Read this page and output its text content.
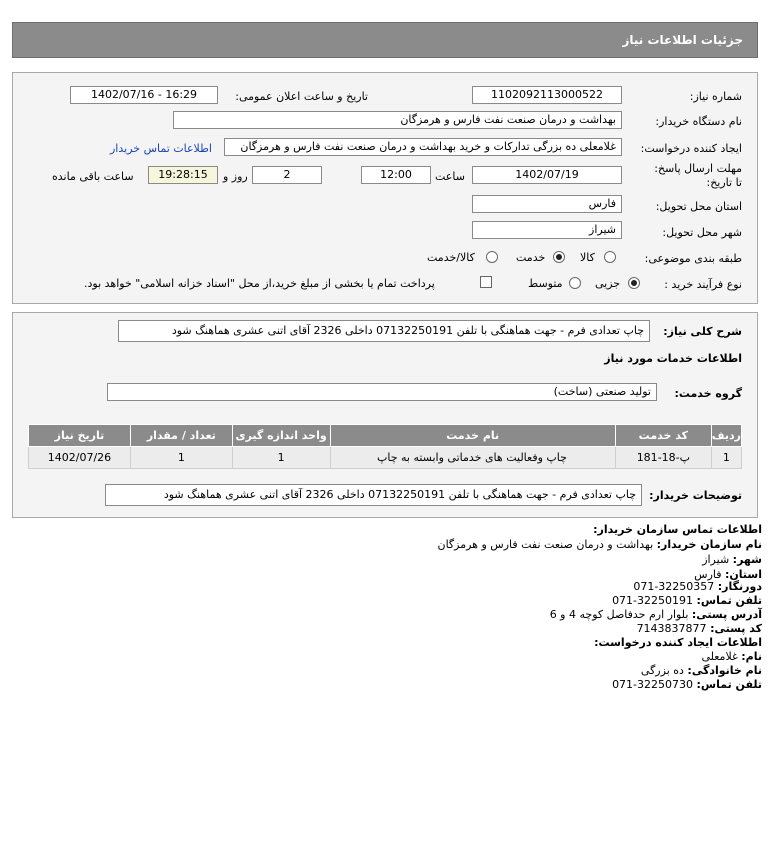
جزئیات اطلاعات نیاز
شماره نیاز:
1102092113000522
تاریخ و ساعت اعلان عمومی:
1402/07/16 - 16:29
نام دستگاه خریدار:
بهداشت و درمان صنعت نفت فارس و هرمزگان
ایجاد کننده درخواست:
غلامعلی ده بزرگی تدارکات و خرید بهداشت و درمان صنعت نفت فارس و هرمزگان
اطلاعات تماس خریدار
مهلت ارسال پاسخ: تا تاریخ:
1402/07/19
ساعت
12:00
2
روز و
19:28:15
ساعت باقی مانده
استان محل تحویل:
فارس
شهر محل تحویل:
شیراز
طبقه بندی موضوعی:
کالا
خدمت
کالا/خدمت
نوع فرآیند خرید :
جزیی
متوسط
پرداخت تمام یا بخشی از مبلغ خرید،از محل "اسناد خزانه اسلامی" خواهد بود.
شرح کلی نیاز:
چاپ تعدادی فرم - جهت هماهنگی با تلفن 07132250191 داخلی 2326 آقای اتنی عشری هماهنگ شود
اطلاعات خدمات مورد نیاز
گروه خدمت:
تولید صنعتی (ساخت)
ردیف	کد خدمت	نام خدمت	واحد اندازه گیری	تعداد / مقدار	تاریخ نیاز
1	پ-18-181	چاپ وفعالیت های خدماتی وابسته به چاپ	1	1	1402/07/26
توضیحات خریدار:
چاپ تعدادی فرم - جهت هماهنگی با تلفن 07132250191 داخلی 2326 آقای اتنی عشری هماهنگ شود
اطلاعات تماس سازمان خریدار:
نام سازمان خریدار: بهداشت و درمان صنعت نفت فارس و هرمزگان
شهر: شیراز
استان: فارس
دورنگار: 071-32250357
تلفن تماس: 071-32250191
آدرس پستی: بلوار ارم حدفاصل کوچه 4 و 6
کد پستی: 7143837877
اطلاعات ایجاد کننده درخواست:
نام: غلامعلی
نام خانوادگی: ده بزرگی
تلفن تماس: 071-32250730
